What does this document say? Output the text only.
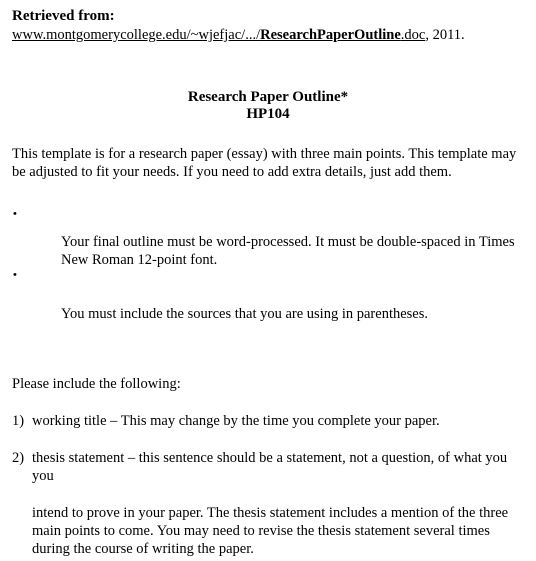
Retrieved from:
www.montgomerycollege.edu/~wjefjac/.../ResearchPaperOutline.doc, 2011.
Research Paper Outline*
HP104
This template is for a research paper (essay) with three main points. This template may be adjusted to fit your needs. If you need to add extra details, just add them.
•
Your final outline must be word-processed. It must be double-spaced in Times New Roman 12-point font.
•
You must include the sources that you are using in parentheses.
Please include the following:
1) working title – This may change by the time you complete your paper.
2) thesis statement – this sentence should be a statement, not a question, of what you
you
intend to prove in your paper. The thesis statement includes a mention of the three main points to come. You may need to revise the thesis statement several times during the course of writing the paper.
